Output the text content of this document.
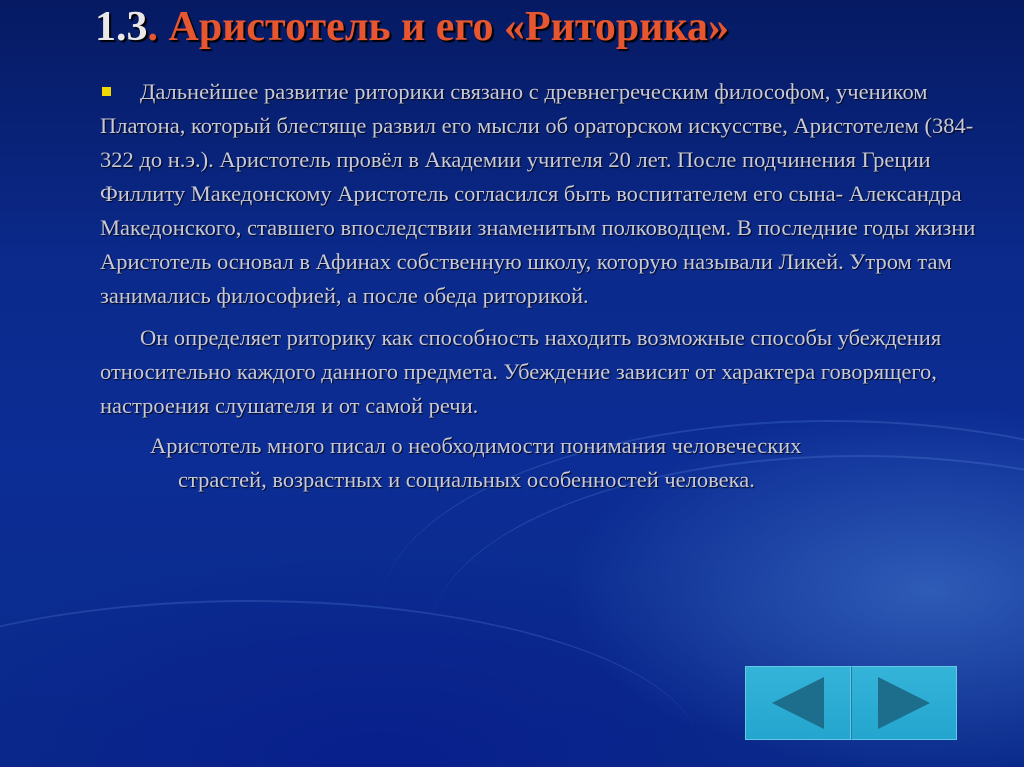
1.3. Аристотель и его «Риторика»

Дальнейшее развитие риторики связано с древнегреческим философом, учеником Платона, который блестяще развил его мысли об ораторском искусстве, Аристотелем (384- 322 до н.э.). Аристотель провёл в Академии учителя 20 лет. После подчинения Греции Филлиту Македонскому Аристотель согласился быть воспитателем его сына- Александра Македонского, ставшего впоследствии знаменитым полководцем. В последние годы жизни Аристотель основал в Афинах собственную школу, которую называли Ликей. Утром там занимались философией, а после обеда риторикой.

Он определяет риторику как способность находить возможные способы убеждения относительно каждого данного предмета. Убеждение зависит от характера говорящего, настроения слушателя и от самой речи.

Аристотель много писал о необходимости понимания человеческих
страстей, возрастных и социальных особенностей человека.
